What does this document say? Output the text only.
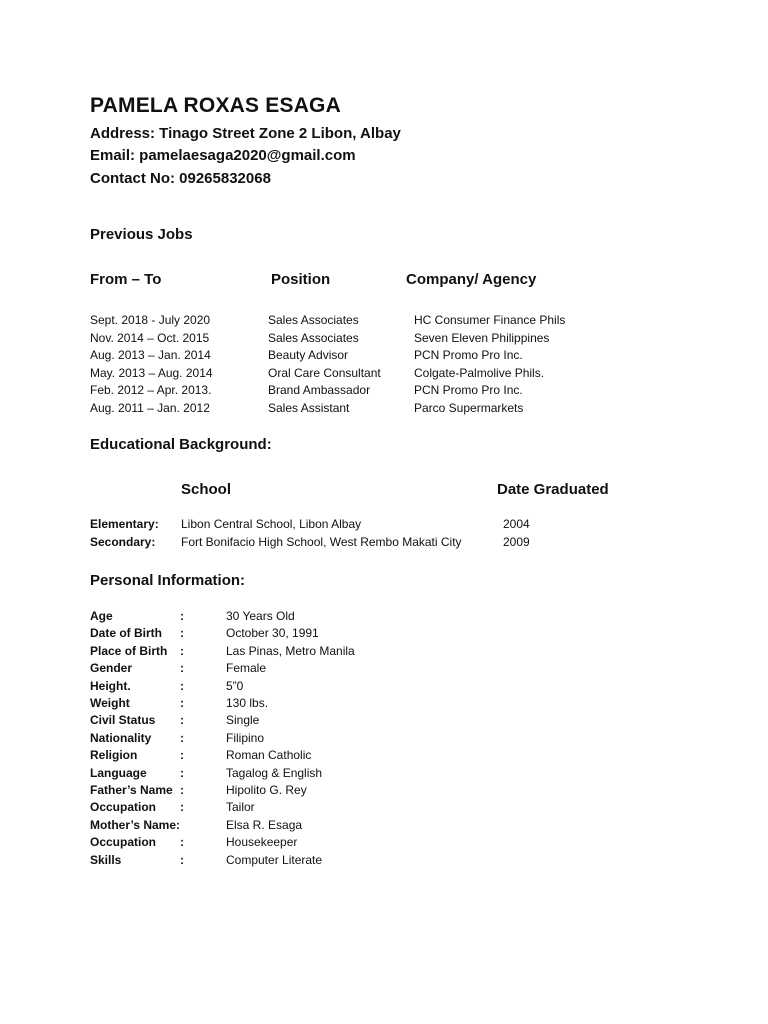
PAMELA ROXAS ESAGA
Address: Tinago Street Zone 2 Libon, Albay
Email: pamelaesaga2020@gmail.com
Contact No: 09265832068
Previous Jobs
From – To	Position	Company/ Agency
Sept. 2018 - July 2020	Sales Associates	HC Consumer Finance Phils
Nov. 2014 – Oct. 2015	Sales Associates	Seven Eleven Philippines
Aug. 2013 – Jan. 2014	Beauty Advisor	PCN Promo Pro Inc.
May. 2013 – Aug. 2014	Oral Care Consultant	Colgate-Palmolive Phils.
Feb. 2012 – Apr. 2013.	Brand Ambassador	PCN Promo Pro Inc.
Aug. 2011 – Jan. 2012	Sales Assistant	Parco Supermarkets
Educational Background:
School	Date Graduated
Elementary: Libon Central School, Libon Albay	2004
Secondary: Fort Bonifacio High School, West Rembo Makati City	2009
Personal Information:
Age	:	30 Years Old
Date of Birth :	October 30, 1991
Place of Birth :	Las Pinas, Metro Manila
Gender	:	Female
Height.	:	5”0
Weight	:	130 lbs.
Civil Status :	Single
Nationality :	Filipino
Religion	:	Roman Catholic
Language	:	Tagalog & English
Father’s Name :	Hipolito G. Rey
Occupation :	Tailor
Mother’s Name:	Elsa R. Esaga
Occupation :	Housekeeper
Skills	:	Computer Literate
